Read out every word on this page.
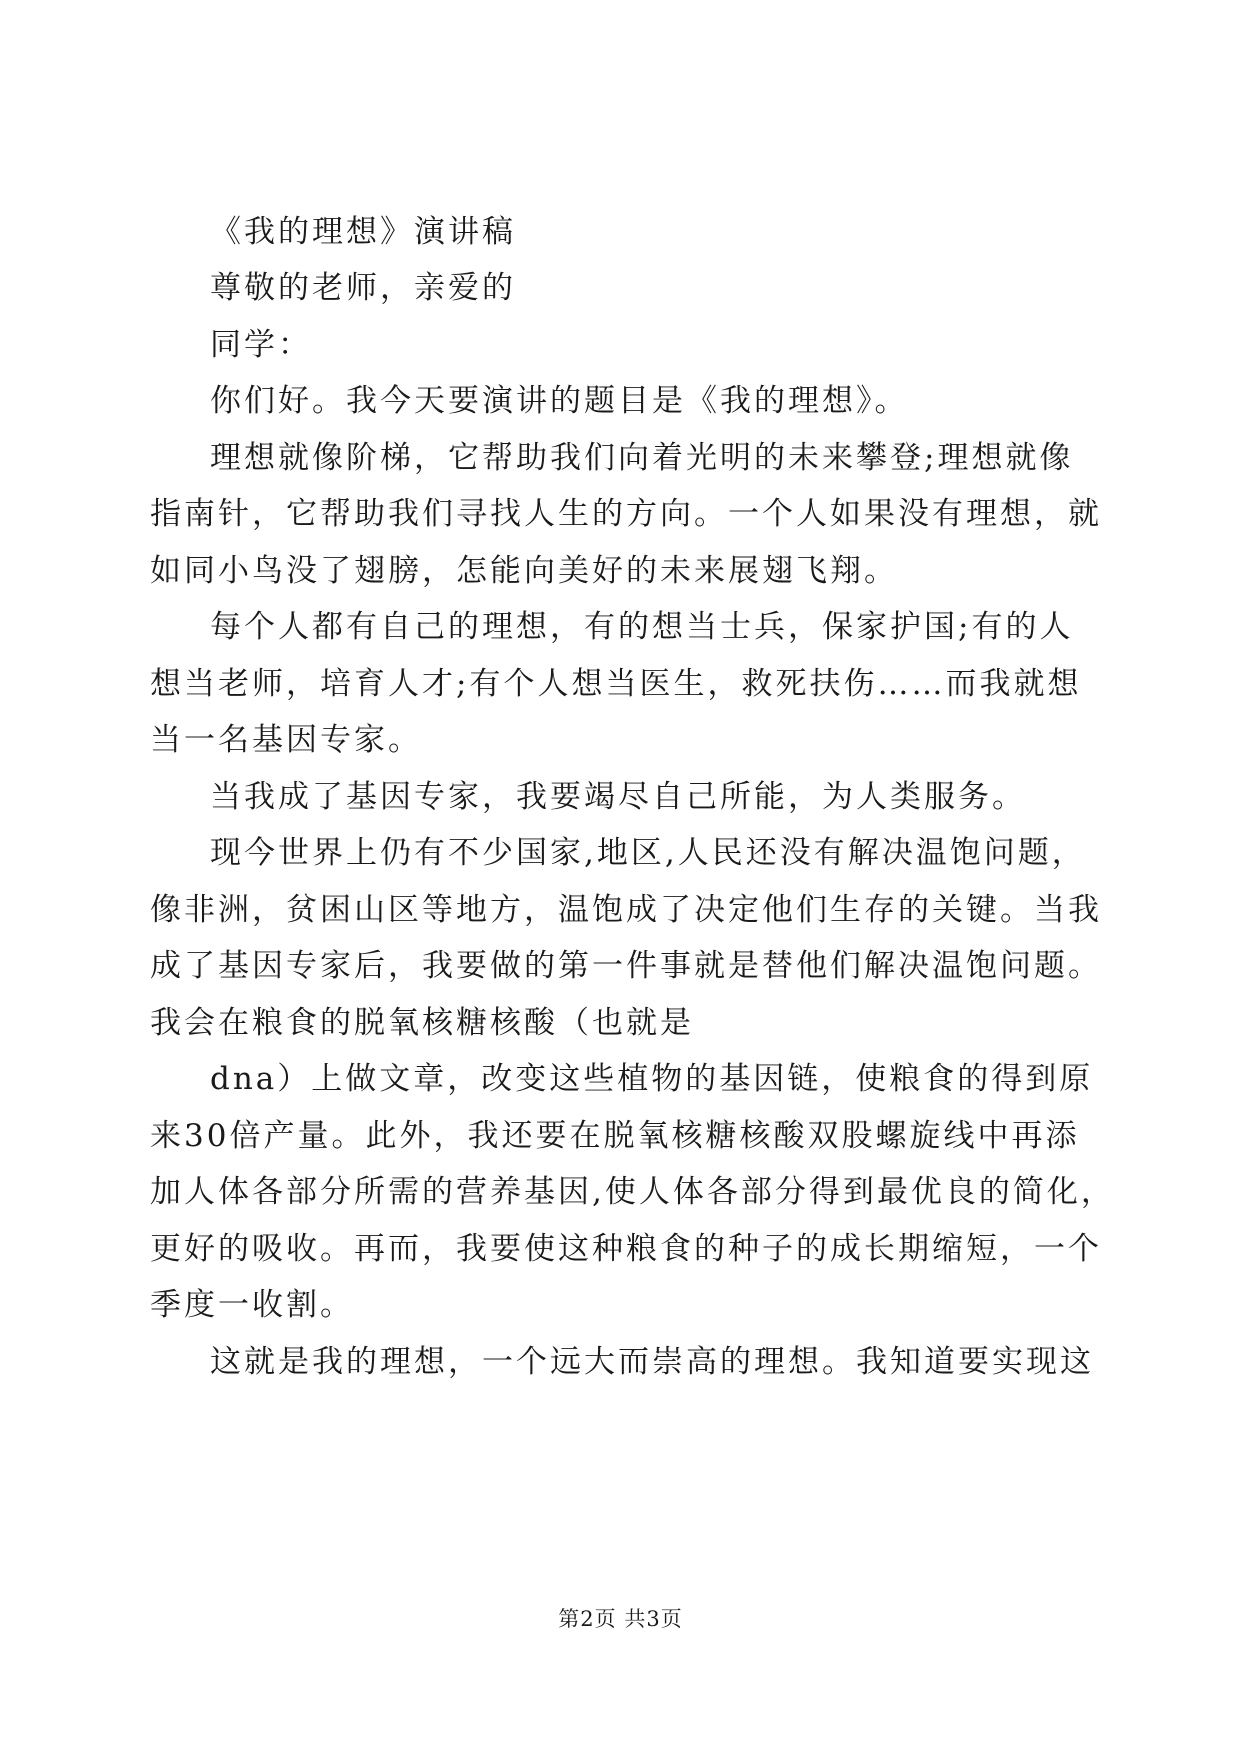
《我的理想》演讲稿
尊敬的老师，亲爱的
同学：
你们好。我今天要演讲的题目是《我的理想》。
理想就像阶梯，它帮助我们向着光明的未来攀登;理想就像
指南针，它帮助我们寻找人生的方向。一个人如果没有理想，就
如同小鸟没了翅膀，怎能向美好的未来展翅飞翔。
每个人都有自己的理想，有的想当士兵，保家护国;有的人
想当老师，培育人才;有个人想当医生，救死扶伤……而我就想
当一名基因专家。
当我成了基因专家，我要竭尽自己所能，为人类服务。
现今世界上仍有不少国家,地区,人民还没有解决温饱问题，
像非洲，贫困山区等地方，温饱成了决定他们生存的关键。当我
成了基因专家后，我要做的第一件事就是替他们解决温饱问题。
我会在粮食的脱氧核糖核酸（也就是
dna）上做文章，改变这些植物的基因链，使粮食的得到原
来30倍产量。此外，我还要在脱氧核糖核酸双股螺旋线中再添
加人体各部分所需的营养基因,使人体各部分得到最优良的简化，
更好的吸收。再而，我要使这种粮食的种子的成长期缩短，一个
季度一收割。
这就是我的理想，一个远大而崇高的理想。我知道要实现这
第2页 共3页
